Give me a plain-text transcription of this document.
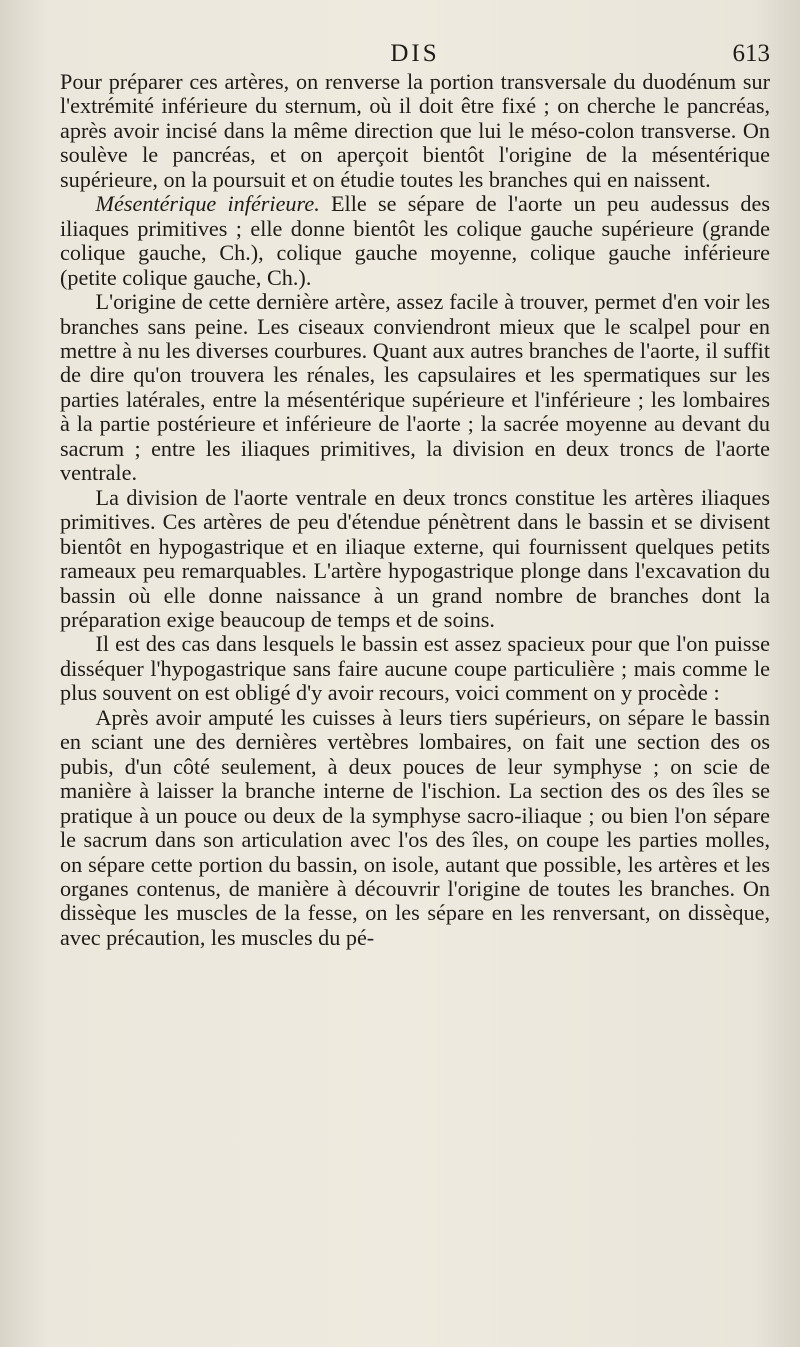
DIS	613

Pour préparer ces artères, on renverse la portion transversale du duodénum sur l'extrémité inférieure du sternum, où il doit être fixé ; on cherche le pancréas, après avoir incisé dans la même direction que lui le méso-colon transverse. On soulève le pancréas, et on aperçoit bientôt l'origine de la mésentérique supérieure, on la poursuit et on étudie toutes les branches qui en naissent.

Mésentérique inférieure. Elle se sépare de l'aorte un peu audessus des iliaques primitives ; elle donne bientôt les colique gauche supérieure (grande colique gauche, Ch.), colique gauche moyenne, colique gauche inférieure (petite colique gauche, Ch.).

L'origine de cette dernière artère, assez facile à trouver, permet d'en voir les branches sans peine. Les ciseaux conviendront mieux que le scalpel pour en mettre à nu les diverses courbures. Quant aux autres branches de l'aorte, il suffit de dire qu'on trouvera les rénales, les capsulaires et les spermatiques sur les parties latérales, entre la mésentérique supérieure et l'inférieure ; les lombaires à la partie postérieure et inférieure de l'aorte ; la sacrée moyenne au devant du sacrum ; entre les iliaques primitives, la division en deux troncs de l'aorte ventrale.

La division de l'aorte ventrale en deux troncs constitue les artères iliaques primitives. Ces artères de peu d'étendue pénètrent dans le bassin et se divisent bientôt en hypogastrique et en iliaque externe, qui fournissent quelques petits rameaux peu remarquables. L'artère hypogastrique plonge dans l'excavation du bassin où elle donne naissance à un grand nombre de branches dont la préparation exige beaucoup de temps et de soins.

Il est des cas dans lesquels le bassin est assez spacieux pour que l'on puisse disséquer l'hypogastrique sans faire aucune coupe particulière ; mais comme le plus souvent on est obligé d'y avoir recours, voici comment on y procède :

Après avoir amputé les cuisses à leurs tiers supérieurs, on sépare le bassin en sciant une des dernières vertèbres lombaires, on fait une section des os pubis, d'un côté seulement, à deux pouces de leur symphyse ; on scie de manière à laisser la branche interne de l'ischion. La section des os des îles se pratique à un pouce ou deux de la symphyse sacro-iliaque ; ou bien l'on sépare le sacrum dans son articulation avec l'os des îles, on coupe les parties molles, on sépare cette portion du bassin, on isole, autant que possible, les artères et les organes contenus, de manière à découvrir l'origine de toutes les branches. On dissèque les muscles de la fesse, on les sépare en les renversant, on dissèque, avec précaution, les muscles du pé-
